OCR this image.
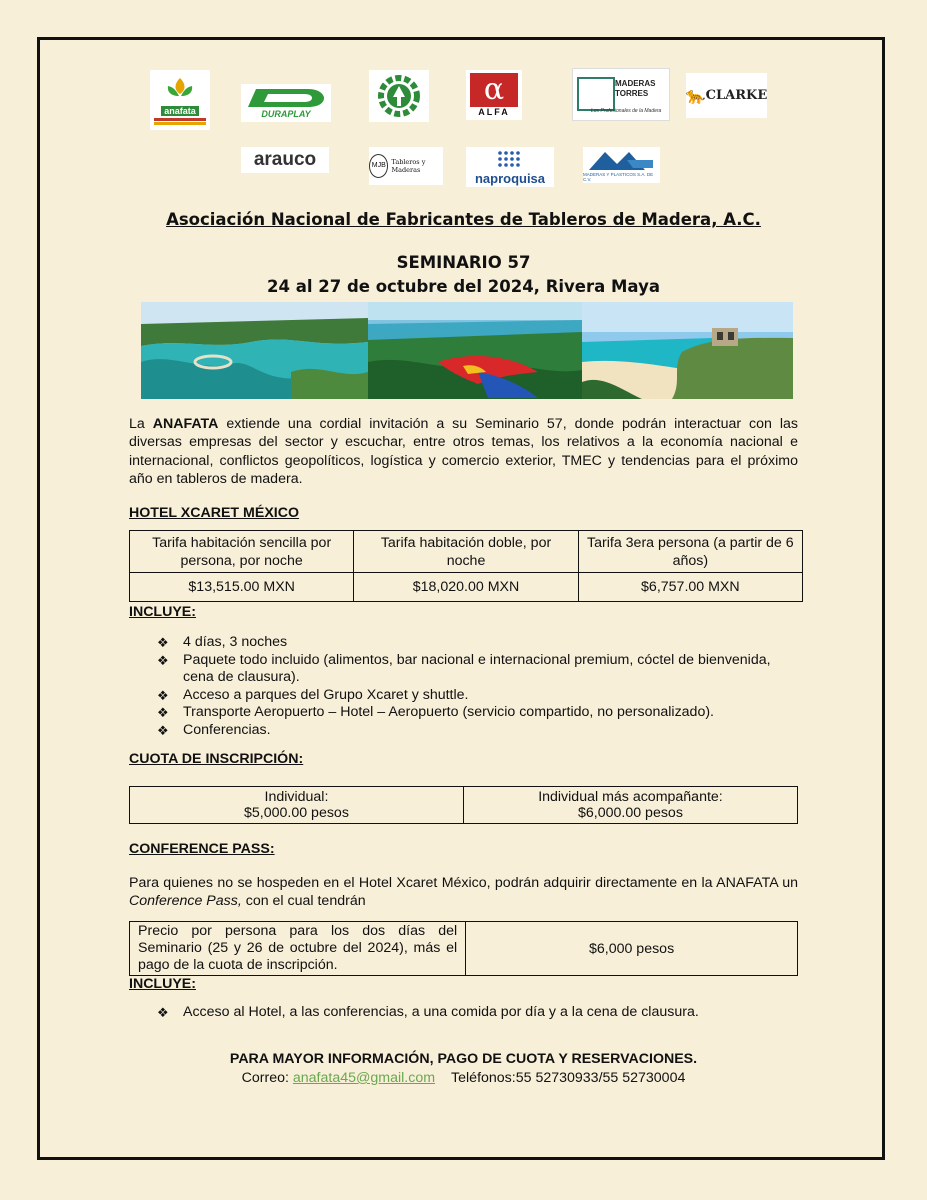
anafata	DURAPLAY
α
ALFA
MADERAS
TORRES
Los Profesionales de la Madera
🐆 CLARKE
arauco	MJB Tableros y Maderas
naproquisa	MADERAS Y PLASTICOS S.A. DE C.V.
Asociación Nacional de Fabricantes de Tableros de Madera, A.C.
SEMINARIO 57
24 al 27 de octubre del 2024, Rivera Maya
La ANAFATA extiende una cordial invitación a su Seminario 57, donde podrán interactuar con las diversas empresas del sector y escuchar, entre otros temas, los relativos a la economía nacional e internacional, conflictos geopolíticos, logística y comercio exterior, TMEC y tendencias para el próximo año en tableros de madera.
HOTEL XCARET MÉXICO
Tarifa habitación sencilla por persona, por noche	Tarifa habitación doble, por noche	Tarifa 3era persona (a partir de 6 años)
$13,515.00 MXN	$18,020.00 MXN	$6,757.00 MXN
INCLUYE:
❖ 4 días, 3 noches
❖ Paquete todo incluido (alimentos, bar nacional e internacional premium, cóctel de bienvenida, cena de clausura).
❖ Acceso a parques del Grupo Xcaret y shuttle.
❖ Transporte Aeropuerto – Hotel – Aeropuerto (servicio compartido, no personalizado).
❖ Conferencias.
CUOTA DE INSCRIPCIÓN:
Individual:
$5,000.00 pesos

Individual más acompañante:
$6,000.00 pesos
CONFERENCE PASS:
Para quienes no se hospeden en el Hotel Xcaret México, podrán adquirir directamente en la ANAFATA un Conference Pass, con el cual tendrán
Precio por persona para los dos días del Seminario (25 y 26 de octubre del 2024), más el pago de la cuota de inscripción.	$6,000 pesos
INCLUYE:
❖ Acceso al Hotel, a las conferencias, a una comida por día y a la cena de clausura.
PARA MAYOR INFORMACIÓN, PAGO DE CUOTA Y RESERVACIONES.
Correo: anafata45@gmail.com Teléfonos:55 52730933/55 52730004
